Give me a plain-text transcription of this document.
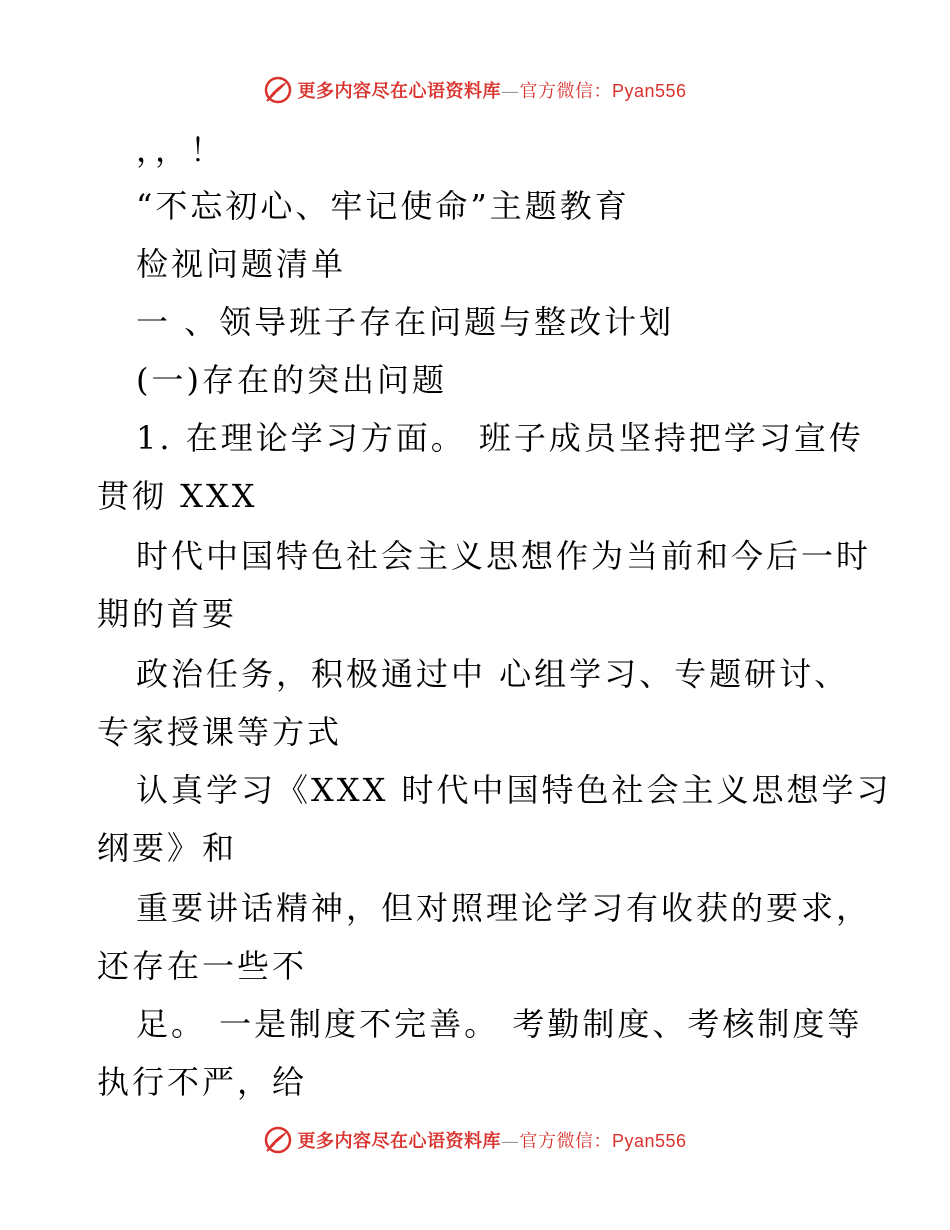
更多内容尽在心语资料库—官方微信：Pyan556
，，！
“不忘初心、牢记使命”主题教育
检视问题清单
一 、领导班子存在问题与整改计划
(一)存在的突出问题
1. 在理论学习方面。 班子成员坚持把学习宣传
贯彻 XXX
时代中国特色社会主义思想作为当前和今后一时
期的首要
政治任务，积极通过中 心组学习、专题研讨、
专家授课等方式
认真学习《XXX 时代中国特色社会主义思想学习
纲要》和
重要讲话精神，但对照理论学习有收获的要求，
还存在一些不
足。 一是制度不完善。 考勤制度、考核制度等
执行不严，给
更多内容尽在心语资料库—官方微信：Pyan556
